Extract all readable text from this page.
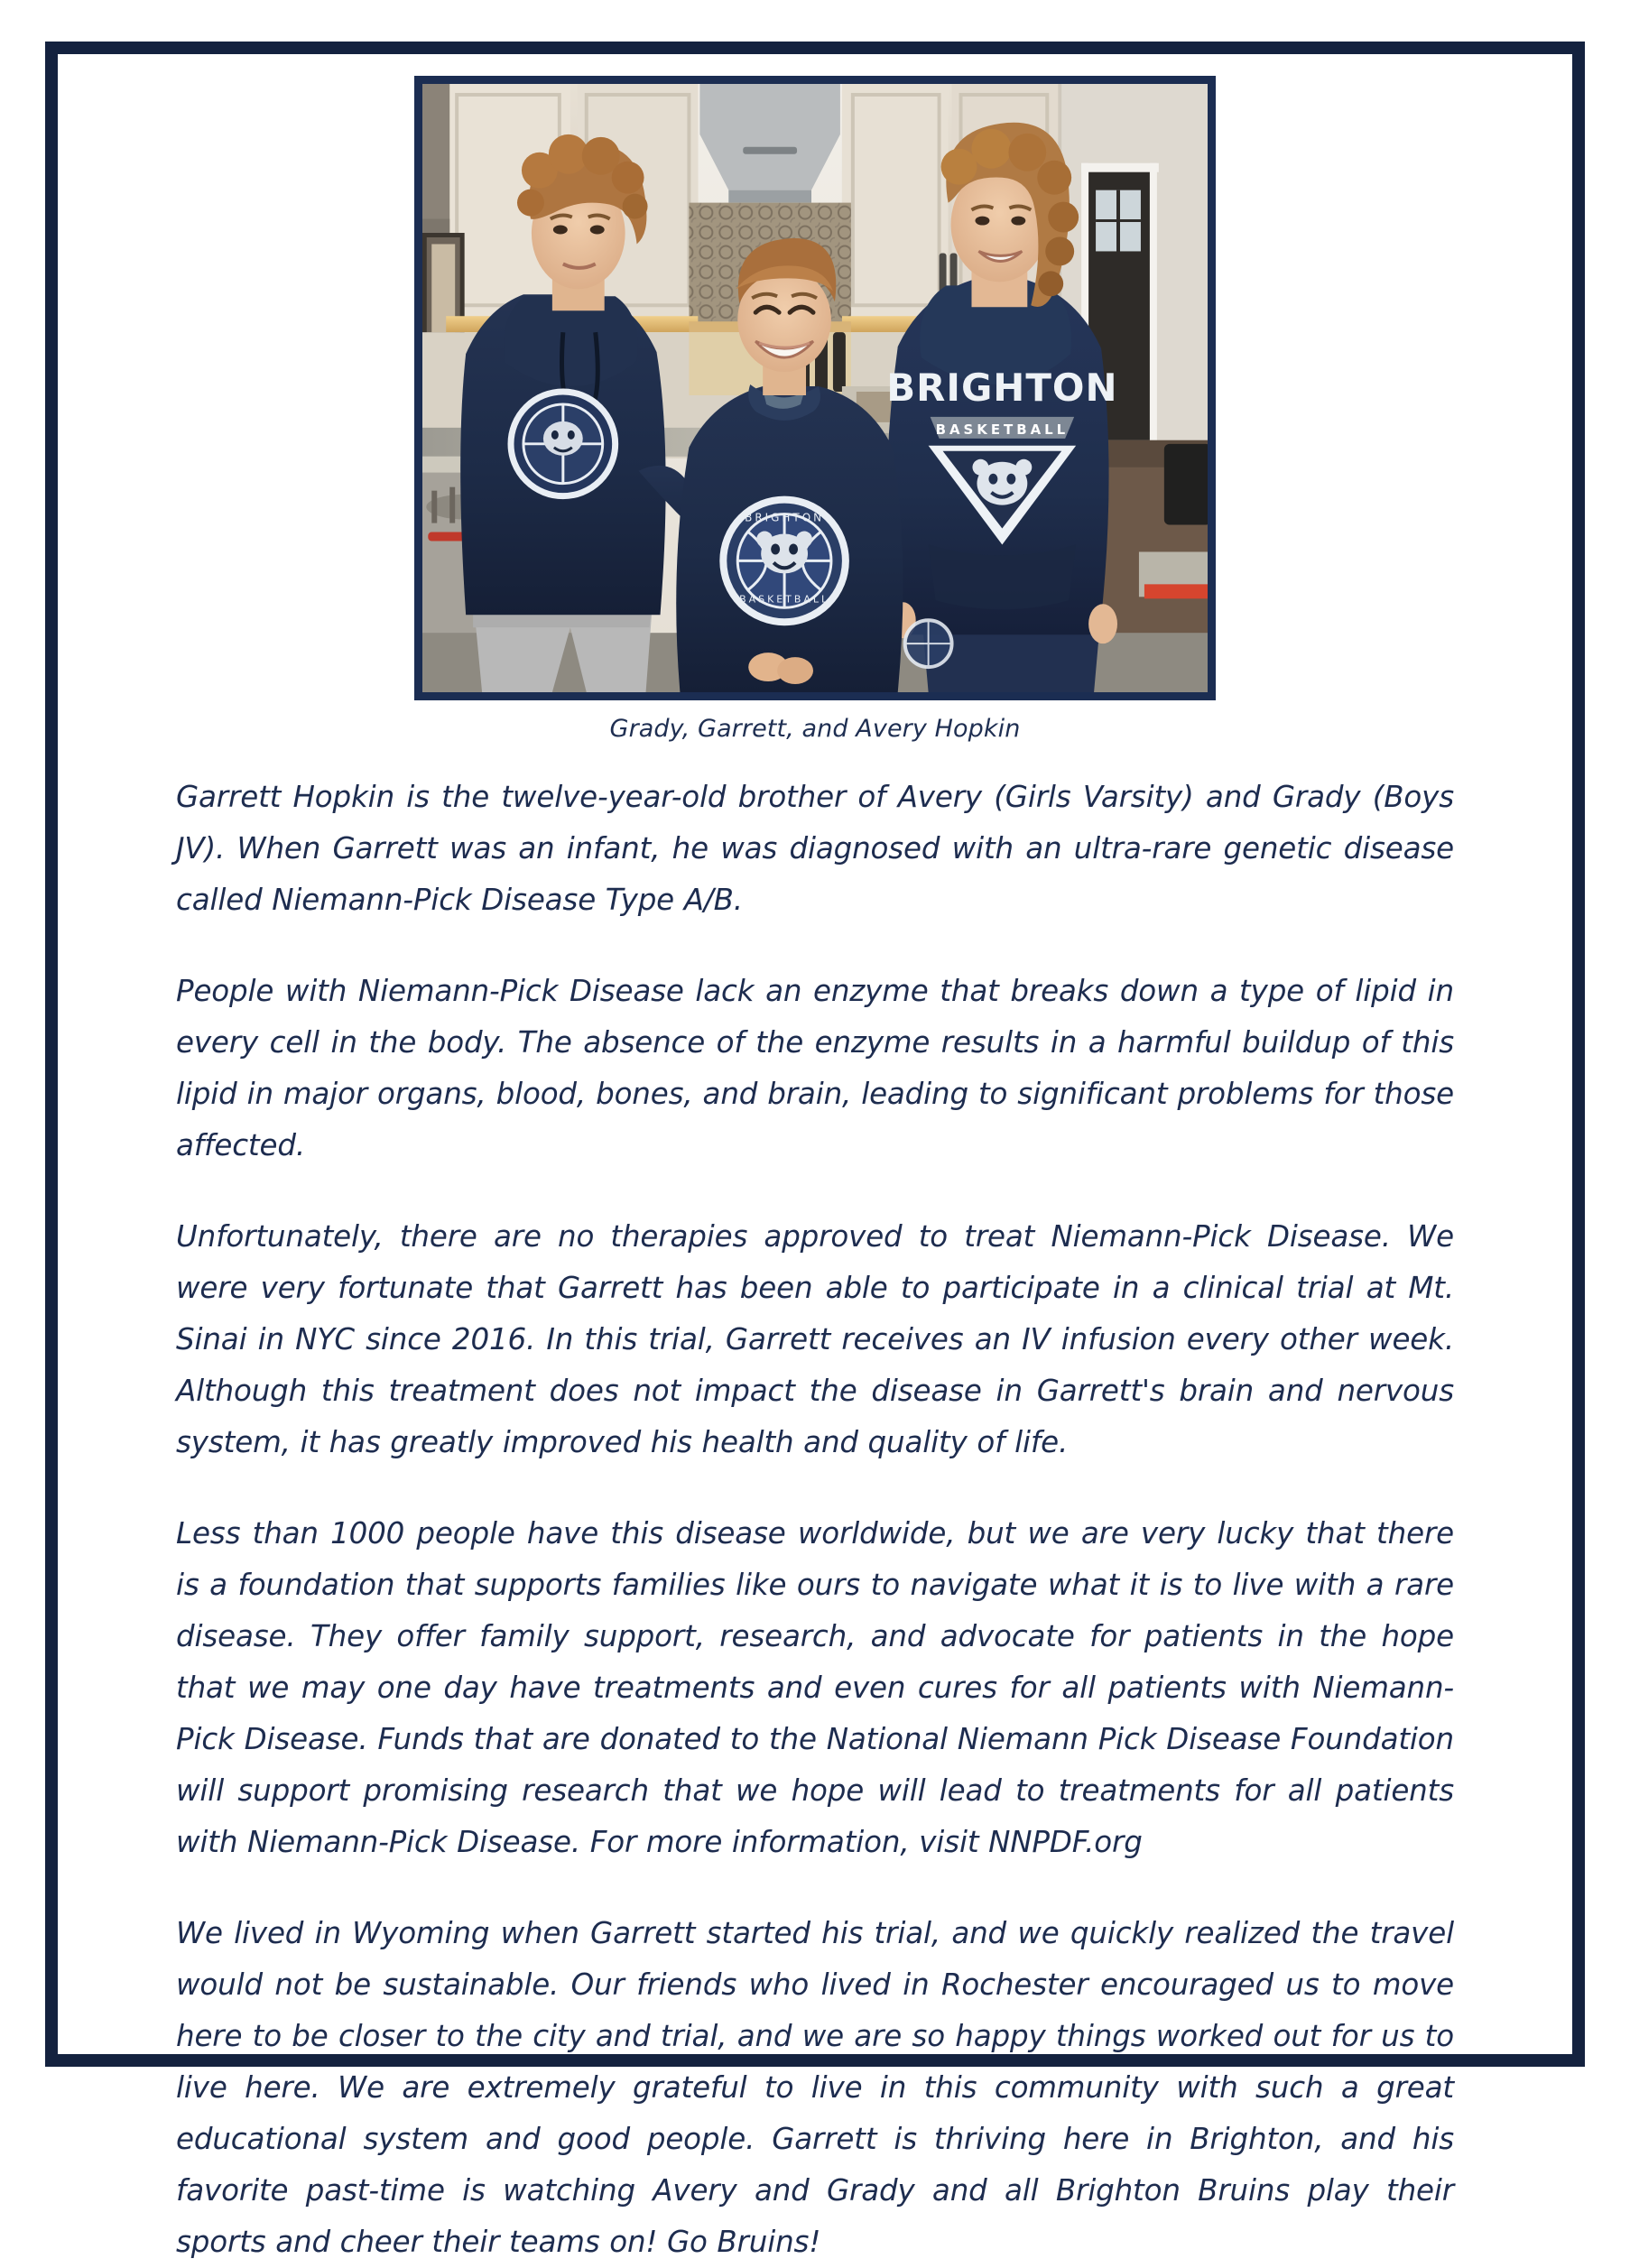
BRIGHTON
BASKETBALL
BRIGHTON
BASKETBALL
Grady, Garrett, and Avery Hopkin

Garrett Hopkin is the twelve-year-old brother of Avery (Girls Varsity) and Grady (Boys JV). When Garrett was an infant, he was diagnosed with an ultra-rare genetic disease called Niemann-Pick Disease Type A/B.

People with Niemann-Pick Disease lack an enzyme that breaks down a type of lipid in every cell in the body. The absence of the enzyme results in a harmful buildup of this lipid in major organs, blood, bones, and brain, leading to significant problems for those affected.

Unfortunately, there are no therapies approved to treat Niemann-Pick Disease. We were very fortunate that Garrett has been able to participate in a clinical trial at Mt. Sinai in NYC since 2016. In this trial, Garrett receives an IV infusion every other week. Although this treatment does not impact the disease in Garrett's brain and nervous system, it has greatly improved his health and quality of life.

Less than 1000 people have this disease worldwide, but we are very lucky that there is a foundation that supports families like ours to navigate what it is to live with a rare disease. They offer family support, research, and advocate for patients in the hope that we may one day have treatments and even cures for all patients with Niemann-Pick Disease. Funds that are donated to the National Niemann Pick Disease Foundation will support promising research that we hope will lead to treatments for all patients with Niemann-Pick Disease. For more information, visit NNPDF.org

We lived in Wyoming when Garrett started his trial, and we quickly realized the travel would not be sustainable. Our friends who lived in Rochester encouraged us to move here to be closer to the city and trial, and we are so happy things worked out for us to live here. We are extremely grateful to live in this community with such a great educational system and good people. Garrett is thriving here in Brighton, and his favorite past-time is watching Avery and Grady and all Brighton Bruins play their sports and cheer their teams on! Go Bruins!
